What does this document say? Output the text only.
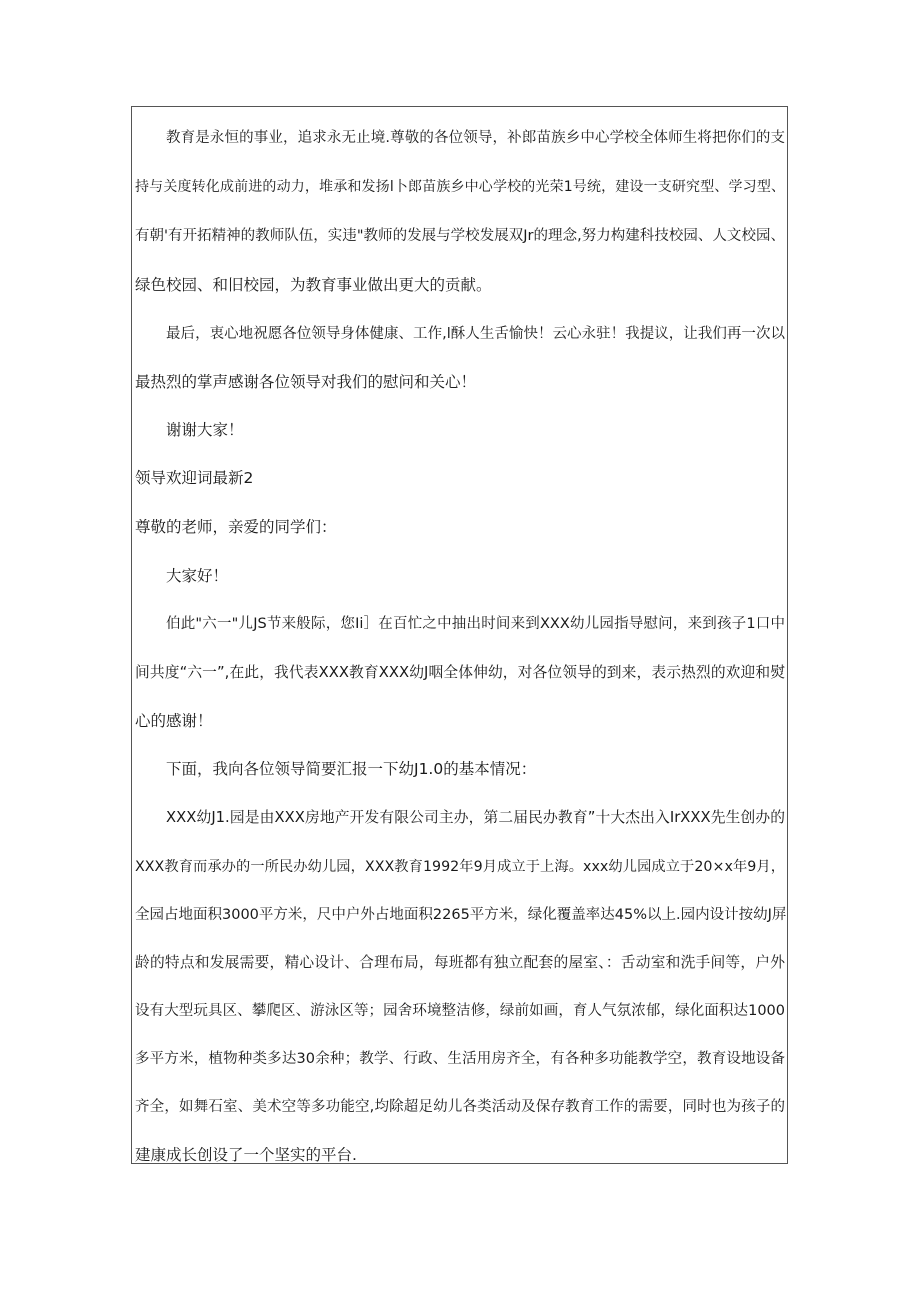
教育是永恒的事业，追求永无止境.尊敬的各位领导，补郎苗族乡中心学校全体师生将把你们的支
持与关度转化成前进的动力，堆承和发扬l卜郎苗族乡中心学校的光荣1号统，建设一支研究型、学习型、
有朝'有开拓精神的教师队伍，实违"教师的发展与学校发展双Jr的理念,努力构建科技校园、人文校园、
绿色校园、和旧校园，为教育事业做出更大的贡献。
最后，衷心地祝愿各位领导身体健康、工作,l酥人生舌愉快！云心永驻！我提议，让我们再一次以
最热烈的掌声感谢各位领导对我们的慰问和关心！
谢谢大家！
领导欢迎词最新2
尊敬的老师，亲爱的同学们：
大家好！
伯此"六一"儿JS节来般际，您Ii］在百忙之中抽出时间来到XXX幼儿园指导慰问，来到孩子1口中
间共度“六一”,在此，我代表XXX教育XXX幼J咽全体伸幼，对各位领导的到来，表示热烈的欢迎和熨
心的感谢！
下面，我向各位领导简要汇报一下幼J1.0的基本情况：
XXX幼J1.园是由XXX房地产开发有限公司主办，第二届民办教育”十大杰出入IrXXX先生创办的
XXX教育而承办的一所民办幼儿园，XXX教育1992年9月成立于上海。xxx幼儿园成立于20×x年9月，
全园占地面积3000平方米，尺中户外占地面积2265平方米，绿化覆盖率达45%以上.园内设计按幼J屏
龄的特点和发展需要，精心设计、合理布局，每班都有独立配套的屋室、：舌动室和洗手间等，户外
设有大型玩具区、攀爬区、游泳区等；园舍环境整洁修，绿前如画，育人气氛浓郁，绿化面积达1000
多平方米，植物种类多达30余种；教学、行政、生活用房齐全，有各种多功能教学空，教育设地设备
齐全，如舞石室、美术空等多功能空,均除超足幼儿各类活动及保存教育工作的需要，同时也为孩子的
建康成长创设了一个坚实的平台.
